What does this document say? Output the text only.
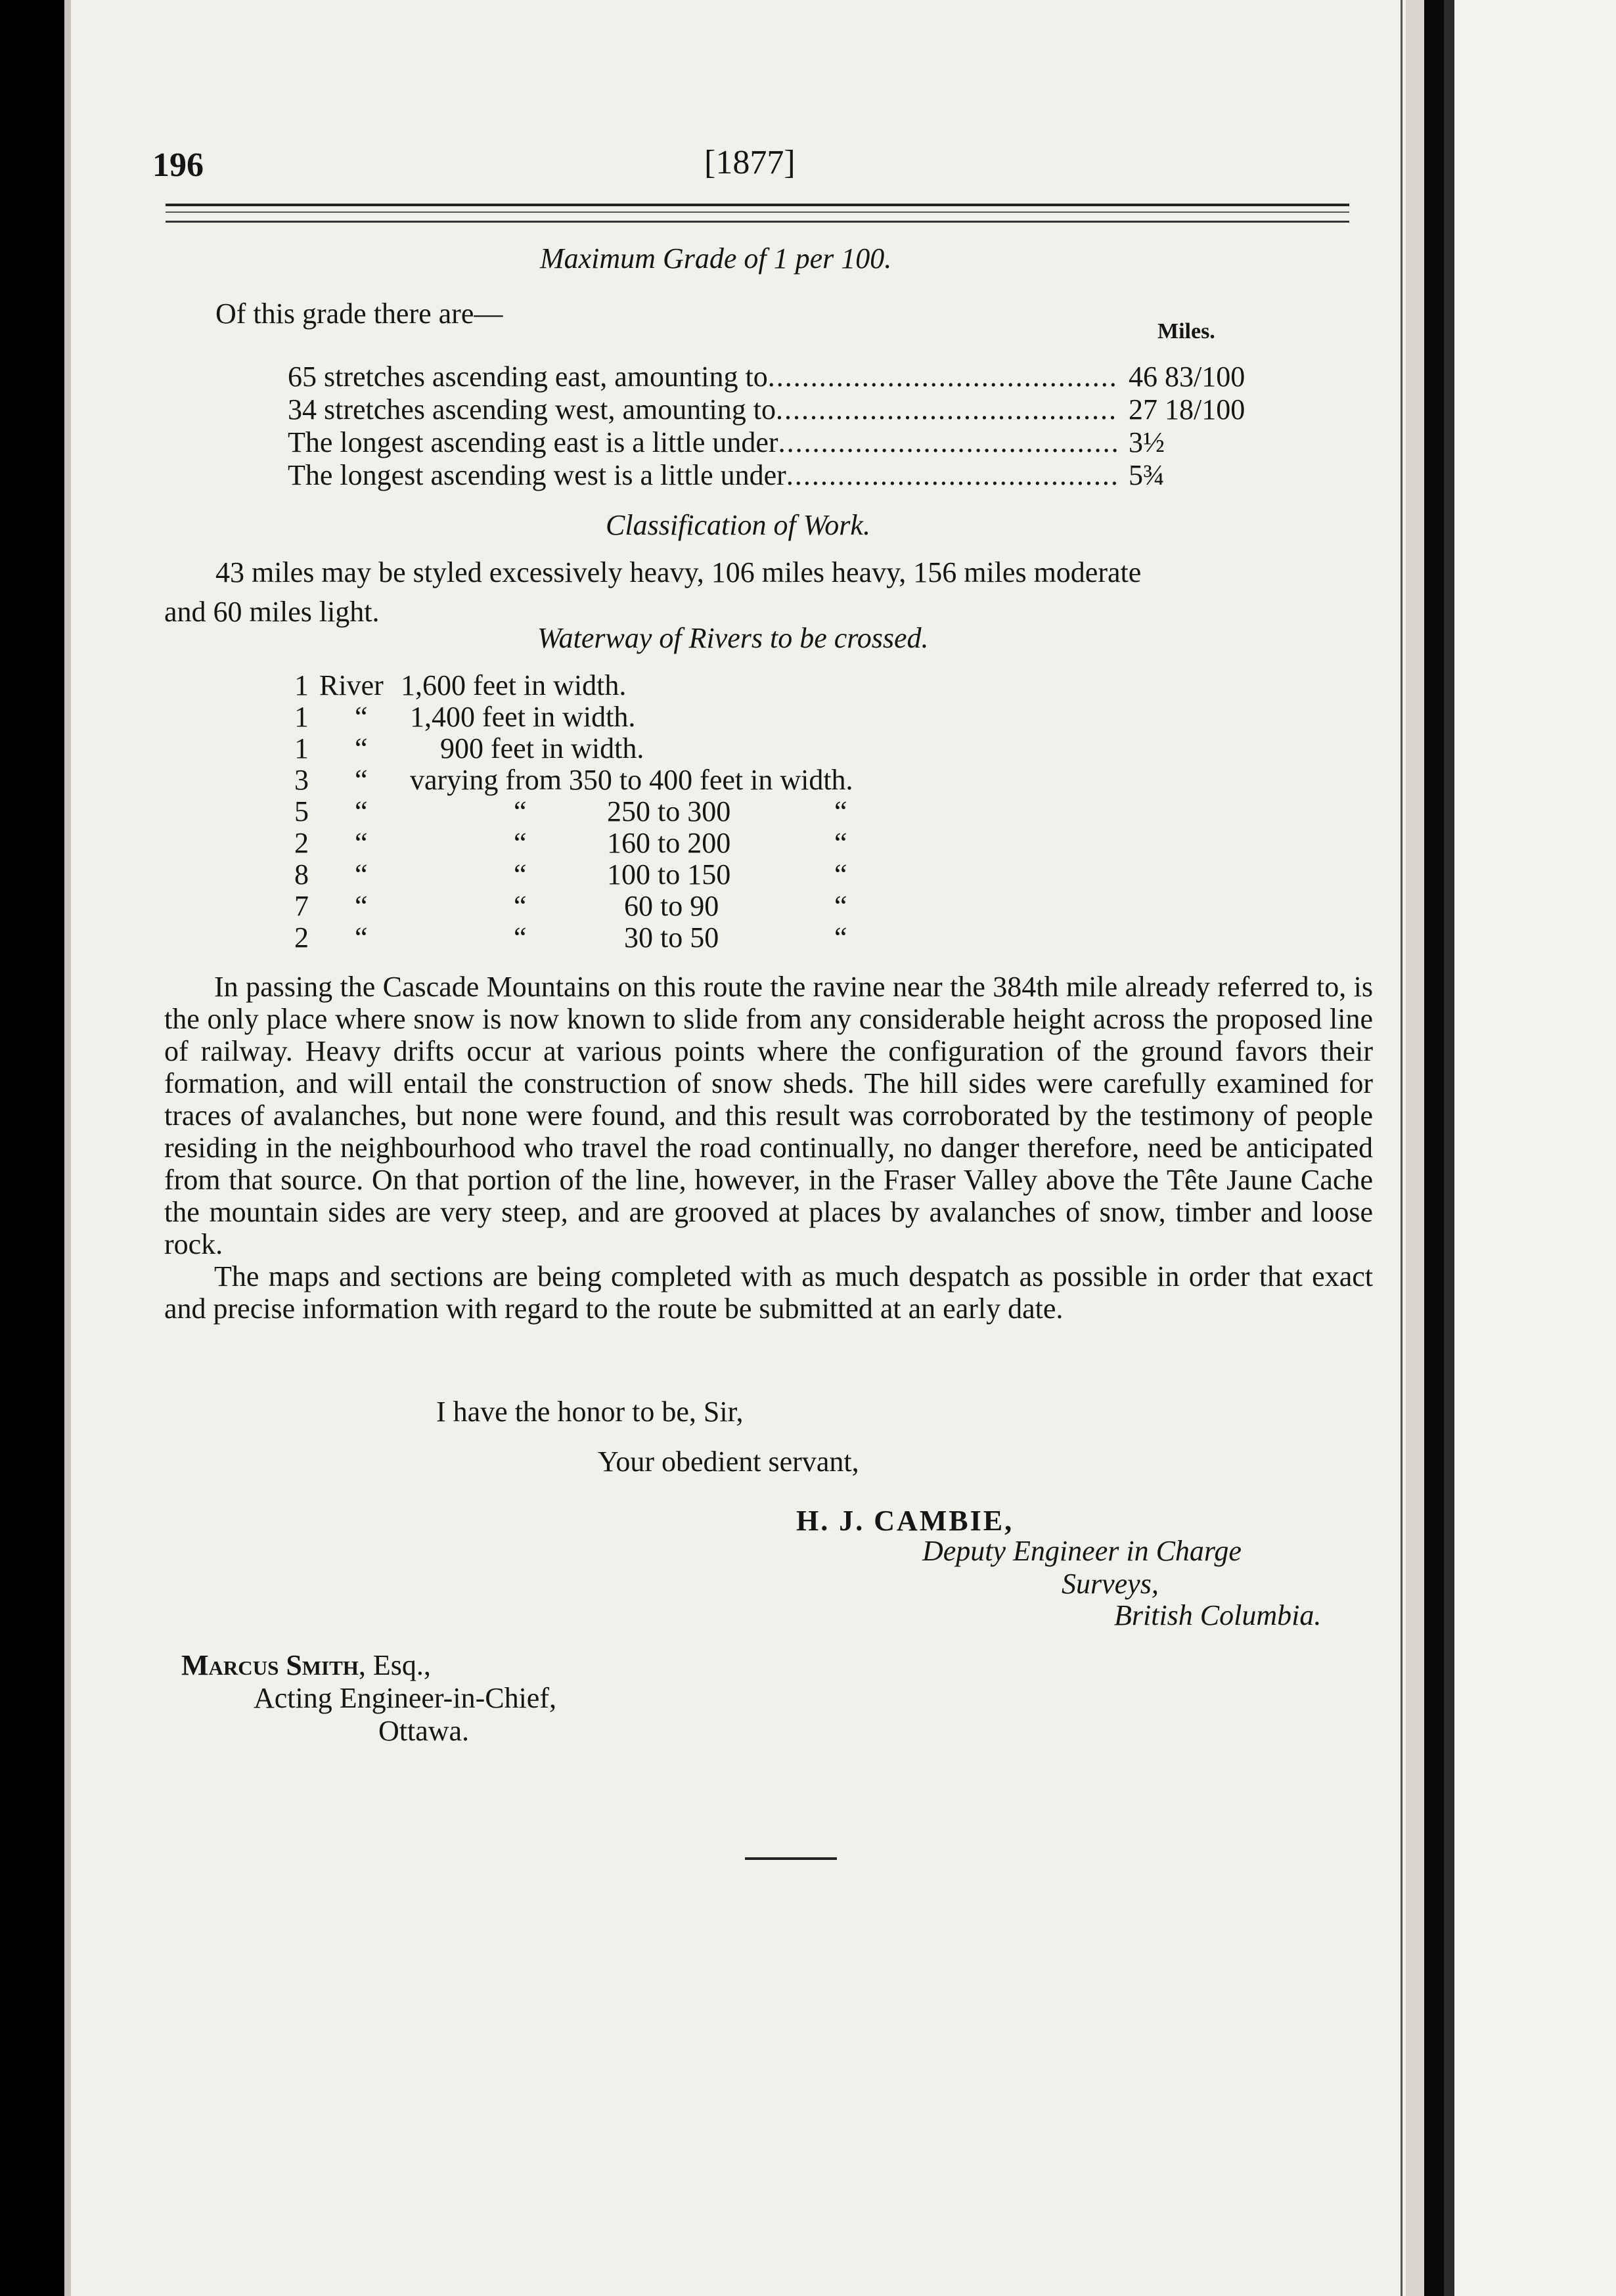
196	[1877]
Maximum Grade of 1 per 100.
Of this grade there are—
Miles.
65 stretches ascending east, amounting to .....	46 83/100
34 stretches ascending west, amounting to .....	27 18/100
The longest ascending east is a little under .....	3½
The longest ascending west is a little under .....	5¾
Classification of Work.
43 miles may be styled excessively heavy, 106 miles heavy, 156 miles moderate
and 60 miles light.
Waterway of Rivers to be crossed.
1 River 1,600 feet in width.
1 “ 1,400 feet in width.
1 “	900 feet in width.
3 “ varying from 350 to 400 feet in width.
5 “	“	250 to 300	“
2 “	“	160 to 200	“
8 “	“	100 to 150	“
7 “	“	60 to 90	“
2 “	“	30 to 50	“

In passing the Cascade Mountains on this route the ravine near the 384th mile already referred to, is the only place where snow is now known to slide from any considerable height across the proposed line of railway. Heavy drifts occur at various points where the configuration of the ground favors their formation, and will entail the construction of snow sheds. The hill sides were carefully examined for traces of avalanches, but none were found, and this result was corroborated by the testimony of people residing in the neighbourhood who travel the road continually, no danger therefore, need be anticipated from that source. On that portion of the line, however, in the Fraser Valley above the Tête Jaune Cache the mountain sides are very steep, and are grooved at places by avalanches of snow, timber and loose rock.

The maps and sections are being completed with as much despatch as possible in order that exact and precise information with regard to the route be submitted at an early date.

I have the honor to be, Sir,
Your obedient servant,
H. J. CAMBIE,
Deputy Engineer in Charge
Surveys,
British Columbia.
Marcus Smith, Esq.,
Acting Engineer-in-Chief,
Ottawa.
